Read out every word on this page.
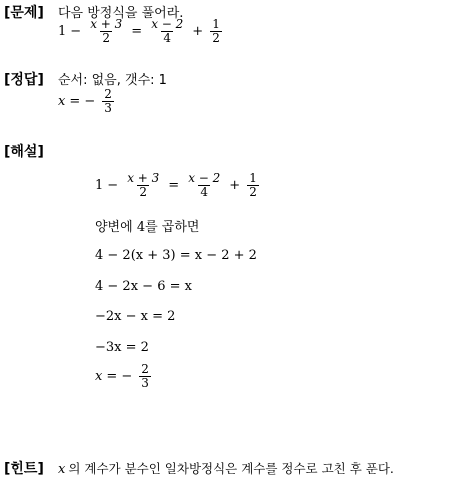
[문제] 다음 방정식을 풀어라.
$1 - \frac{x + 3}{2} = \frac{x - 2}{4} + \frac{1}{2}$
[정답] 순서: 없음, 갯수: 1
x = − $\frac{2}{3}$
[해설]
$1 - \frac{x + 3}{2} = \frac{x - 2}{4} + \frac{1}{2}$
양변에 4를 곱하면
4 − 2(x + 3) = x − 2 + 2
4 − 2x − 6 = x
−2x − x = 2
−3x = 2
x = − $\frac{2}{3}$
[힌트] x 의 계수가 분수인 일차방정식은 계수를 정수로 고친 후 푼다.
